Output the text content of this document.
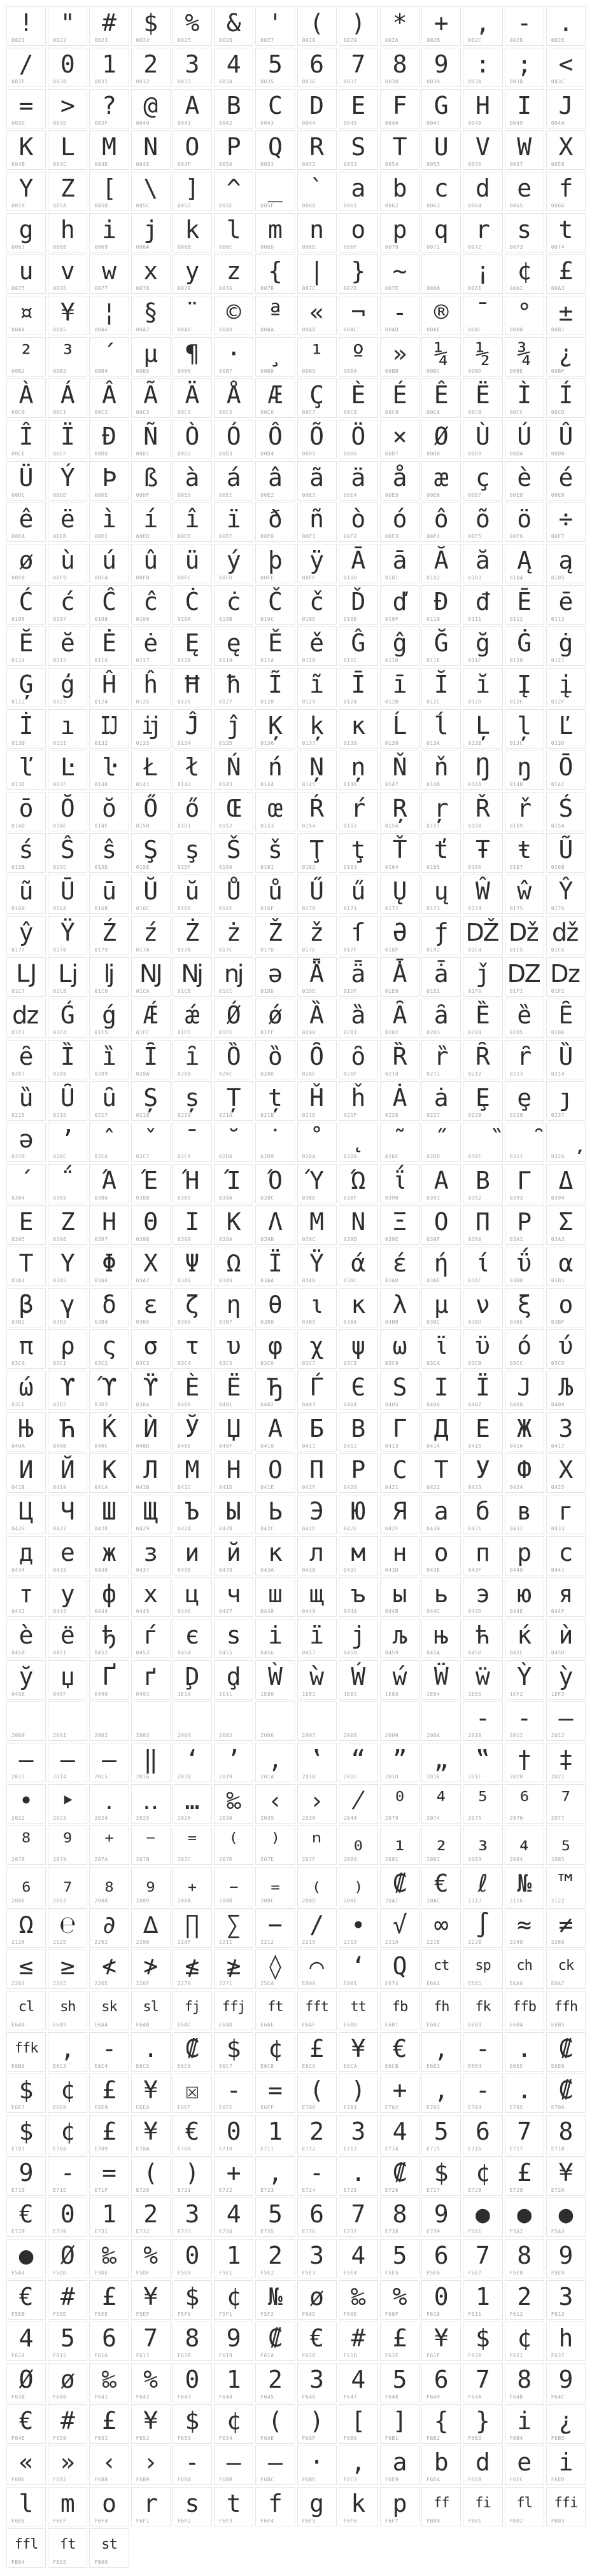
!
0021
"
0022
#
0023
$
0024
%
0025
&
0026
'
0027
(
0028
)
0029
*
002A
+
002B
,
002C
-
002D
.
002E
/
002F
0
0030
1
0031
2
0032
3
0033
4
0034
5
0035
6
0036
7
0037
8
0038
9
0039
:
003A
;
003B
<
003C
=
003D
>
003E
?
003F
@
0040
A
0041
B
0042
C
0043
D
0044
E
0045
F
0046
G
0047
H
0048
I
0049
J
004A
K
004B
L
004C
M
004D
N
004E
O
004F
P
0050
Q
0051
R
0052
S
0053
T
0054
U
0055
V
0056
W
0057
X
0058
Y
0059
Z
005A
[
005B
\
005C
]
005D
^
005E
_
005F
`
0060
a
0061
b
0062
c
0063
d
0064
e
0065
f
0066
g
0067
h
0068
i
0069
j
006A
k
006B
l
006C
m
006D
n
006E
o
006F
p
0070
q
0071
r
0072
s
0073
t
0074
u
0075
v
0076
w
0077
x
0078
y
0079
z
007A
{
007B
|
007C
}
007D
~
007E
	00A0
¡
00A1
¢
00A2
£
00A3
¤
00A4
¥
00A5
¦
00A6
§
00A7
¨
00A8
©
00A9
ª
00AA
«
00AB
¬
00AC
-
00AD
®
00AE
¯
00AF
°
00B0
±
00B1
²
00B2
³
00B3
´
00B4
µ
00B5
¶
00B6
·
00B7
¸
00B8
¹
00B9
º
00BA
»
00BB
¼
00BC
½
00BD
¾
00BE
¿
00BF
À
00C0
Á
00C1
Â
00C2
Ã
00C3
Ä
00C4
Å
00C5
Æ
00C6
Ç
00C7
È
00C8
É
00C9
Ê
00CA
Ë
00CB
Ì
00CC
Í
00CD
Î
00CE
Ï
00CF
Ð
00D0
Ñ
00D1
Ò
00D2
Ó
00D3
Ô
00D4
Õ
00D5
Ö
00D6
×
00D7
Ø
00D8
Ù
00D9
Ú
00DA
Û
00DB
Ü
00DC
Ý
00DD
Þ
00DE
ß
00DF
à
00E0
á
00E1
â
00E2
ã
00E3
ä
00E4
å
00E5
æ
00E6
ç
00E7
è
00E8
é
00E9
ê
00EA
ë
00EB
ì
00EC
í
00ED
î
00EE
ï
00EF
ð
00F0
ñ
00F1
ò
00F2
ó
00F3
ô
00F4
õ
00F5
ö
00F6
÷
00F7
ø
00F8
ù
00F9
ú
00FA
û
00FB
ü
00FC
ý
00FD
þ
00FE
ÿ
00FF
Ā
0100
ā
0101
Ă
0102
ă
0103
Ą
0104
ą
0105
Ć
0106
ć
0107
Ĉ
0108
ĉ
0109
Ċ
010A
ċ
010B
Č
010C
č
010D
Ď
010E
ď
010F
Đ
0110
đ
0111
Ē
0112
ē
0113
Ĕ
0114
ĕ
0115
Ė
0116
ė
0117
Ę
0118
ę
0119
Ě
011A
ě
011B
Ĝ
011C
ĝ
011D
Ğ
011E
ğ
011F
Ġ
0120
ġ
0121
Ģ
0122
ģ
0123
Ĥ
0124
ĥ
0125
Ħ
0126
ħ
0127
Ĩ
0128
ĩ
0129
Ī
012A
ī
012B
Ĭ
012C
ĭ
012D
Į
012E
į
012F
İ
0130
ı
0131
Ĳ
0132
ĳ
0133
Ĵ
0134
ĵ
0135
Ķ
0136
ķ
0137
ĸ
0138
Ĺ
0139
ĺ
013A
Ļ
013B
ļ
013C
Ľ
013D
ľ
013E
Ŀ
013F
ŀ
0140
Ł
0141
ł
0142
Ń
0143
ń
0144
Ņ
0145
ņ
0146
Ň
0147
ň
0148
Ŋ
014A
ŋ
014B
Ō
014C
ō
014D
Ŏ
014E
ŏ
014F
Ő
0150
ő
0151
Œ
0152
œ
0153
Ŕ
0154
ŕ
0155
Ŗ
0156
ŗ
0157
Ř
0158
ř
0159
Ś
015A
ś
015B
Ŝ
015C
ŝ
015D
Ş
015E
ş
015F
Š
0160
š
0161
Ţ
0162
ţ
0163
Ť
0164
ť
0165
Ŧ
0166
ŧ
0167
Ũ
0168
ũ
0169
Ū
016A
ū
016B
Ŭ
016C
ŭ
016D
Ů
016E
ů
016F
Ű
0170
ű
0171
Ų
0172
ų
0173
Ŵ
0174
ŵ
0175
Ŷ
0176
ŷ
0177
Ÿ
0178
Ź
0179
ź
017A
Ż
017B
ż
017C
Ž
017D
ž
017E
ſ
017F
Ə
018F
ƒ
0192
Ǆ
01C4
ǅ
01C5
ǆ
01C6
Ǉ
01C7
ǈ
01C8
ǉ
01C9
Ǌ
01CA
ǋ
01CB
ǌ
01CC
ǝ
01DD
Ǟ
01DE
ǟ
01DF
Ǡ
01E0
ǡ
01E1
ǰ
01F0
Ǳ
01F1
ǲ
01F2
ǳ
01F3
Ǵ
01F4
ǵ
01F5
Ǽ
01FC
ǽ
01FD
Ǿ
01FE
ǿ
01FF
Ȁ
0200
ȁ
0201
Ȃ
0202
ȃ
0203
Ȅ
0204
ȅ
0205
Ȇ
0206
ȇ
0207
Ȉ
0208
ȉ
0209
Ȋ
020A
ȋ
020B
Ȍ
020C
ȍ
020D
Ȏ
020E
ȏ
020F
Ȑ
0210
ȑ
0211
Ȓ
0212
ȓ
0213
Ȕ
0214
ȕ
0215
Ȗ
0216
ȗ
0217
Ș
0218
ș
0219
Ț
021A
ț
021B
Ȟ
021E
ȟ
021F
Ȧ
0226
ȧ
0227
Ȩ
0228
ȩ
0229
ȷ
0237
ə
0259
ʼ
02BC
ˆ
02C6
ˇ
02C7
ˉ
02C9
˘
02D8
˙
02D9
˚
02DA
˛
02DB
˜
02DC
˝
02DD
̏
030F
̑
0311
̦
0326
΄
0384
΅
0385
Ά
0386
Έ
0388
Ή
0389
Ί
038A
Ό
038C
Ύ
038E
Ώ
038F
ΐ
0390
Α
0391
Β
0392
Γ
0393
Δ
0394
Ε
0395
Ζ
0396
Η
0397
Θ
0398
Ι
0399
Κ
039A
Λ
039B
Μ
039C
Ν
039D
Ξ
039E
Ο
039F
Π
03A0
Ρ
03A1
Σ
03A3
Τ
03A4
Υ
03A5
Φ
03A6
Χ
03A7
Ψ
03A8
Ω
03A9
Ϊ
03AA
Ϋ
03AB
ά
03AC
έ
03AD
ή
03AE
ί
03AF
ΰ
03B0
α
03B1
β
03B2
γ
03B3
δ
03B4
ε
03B5
ζ
03B6
η
03B7
θ
03B8
ι
03B9
κ
03BA
λ
03BB
μ
03BC
ν
03BD
ξ
03BE
ο
03BF
π
03C0
ρ
03C1
ς
03C2
σ
03C3
τ
03C4
υ
03C5
φ
03C6
χ
03C7
ψ
03C8
ω
03C9
ϊ
03CA
ϋ
03CB
ό
03CC
ύ
03CD
ώ
03CE
ϒ
03D2
ϓ
03D3
ϔ
03D4
Ѐ
0400
Ё
0401
Ђ
0402
Ѓ
0403
Є
0404
Ѕ
0405
І
0406
Ї
0407
Ј
0408
Љ
0409
Њ
040A
Ћ
040B
Ќ
040C
Ѝ
040D
Ў
040E
Џ
040F
А
0410
Б
0411
В
0412
Г
0413
Д
0414
Е
0415
Ж
0416
З
0417
И
0418
Й
0419
К
041A
Л
041B
М
041C
Н
041D
О
041E
П
041F
Р
0420
С
0421
Т
0422
У
0423
Ф
0424
Х
0425
Ц
0426
Ч
0427
Ш
0428
Щ
0429
Ъ
042A
Ы
042B
Ь
042C
Э
042D
Ю
042E
Я
042F
а
0430
б
0431
в
0432
г
0433
д
0434
е
0435
ж
0436
з
0437
и
0438
й
0439
к
043A
л
043B
м
043C
н
043D
о
043E
п
043F
р
0440
с
0441
т
0442
у
0443
ф
0444
х
0445
ц
0446
ч
0447
ш
0448
щ
0449
ъ
044A
ы
044B
ь
044C
э
044D
ю
044E
я
044F
ѐ
0450
ё
0451
ђ
0452
ѓ
0453
є
0454
ѕ
0455
і
0456
ї
0457
ј
0458
љ
0459
њ
045A
ћ
045B
ќ
045C
ѝ
045D
ў
045E
џ
045F
Ґ
0490
ґ
0491
Ḑ
1E10
ḑ
1E11
Ẁ
1E80
ẁ
1E81
Ẃ
1E82
ẃ
1E83
Ẅ
1E84
ẅ
1E85
Ỳ
1EF2
ỳ
1EF3

2000
 	2001
 	2002
 	2003
 	2004
 	2005
 	2006
 	2007
 	2008
 	2009
 	200A
‐
2010
‑
2011
‒
2012
–
2013
—
2014
―
2015
‖
2016
‘
2018
’
2019
‚
201A
‛
201B
“
201C
”
201D
„
201E
‟
201F
†
2020
‡
2021
•
2022
‣
2023
․
2024
‥
2025
…
2026
‰
2030
‹
2039
›
203A
⁄
2044
⁰
2070
⁴
2074
⁵
2075
⁶
2076
⁷
2077
⁸
2078
⁹
2079
⁺
207A
⁻
207B
⁼
207C
⁽
207D
⁾
207E
ⁿ
207F
₀
2080
₁
2081
₂
2082
₃
2083
₄
2084
₅
2085
₆
2086
₇
2087
₈
2088
₉
2089
₊
208A
₋
208B
₌
208C
₍
208D
₎
208E
₡
20A1
€
20AC
ℓ
2113
№
2116
™
2122
Ω
2126
℮
212E
∂
2202
∆
2206
∏
220F
∑
2211
−
2212
∕
2215
∙
2219
√
221A
∞
221E
∫
222B
≈
2248
≠
2260
≤
2264
≥
2265
≮
226E
≯
226F
≰
2270
≱
2271
◊
25CA
⌒
E000
ʻ
E001
Q
E674
ct
E6A4
sp
E6A5
ch
E6A6
ck
E6A7
cl
E6A8
sh
E6A9
sk
E6AA
sl
E6AB
fj
E6AC
ffj
E6AD
ft
E6AE
fft
E6AF
tt
E6B0
fb
E6B1
fh
E6B2
fk
E6B3
ffb
E6B4
ffh
E6B5
ffk
E6B6
,
E6C3
-
E6C4
.
E6C5
₡
E6C6
$
E6C7
¢
E6C8
£
E6C9
¥
E6CA
€
E6CB
,
E6E3
-
E6E4
.
E6E5
₡
E6E6
$
E6E7
¢
E6E8
£
E6E9
¥
E6EA
☒
E6EF
-
E6FE
=
E6FF
(
E700
)
E701
+
E702
,
E703
-
E704
.
E705
₡
E706
$
E707
¢
E708
£
E709
¥
E70A
€
E70B
0
E710
1
E711
2
E712
3
E713
4
E714
5
E715
6
E716
7
E717
8
E718
9
E719
-
E71E
=
E71F
(
E720
)
E721
+
E722
,
E723
-
E724
.
E725
₡
E726
$
E727
¢
E728
£
E729
¥
E72A
€
E72B
0
E730
1
E731
2
E732
3
E733
4
E734
5
E735
6
E736
7
E737
8
E738
9
E739
●
F5A1
●
F5A2
●
F5A3
●
F5A4
Ø
F5DD
‰
F5DE
%
F5DF
0
F5E0
1
F5E1
2
F5E2
3
F5E3
4
F5E4
5
F5E5
6
F5E6
7
F5E7
8
F5E8
9
F5E9
€
F5EB
#
F5ED
£
F5EE
¥
F5EF
$
F5F0
¢
F5F1
№
F5F2
ø
F60D
‰
F60E
%
F60F
0
F610
1
F611
2
F612
3
F613
4
F614
5
F615
6
F616
7
F617
8
F618
9
F619
₡
F61A
€
F61B
#
F61D
£
F61E
¥
F61F
$
F620
¢
F621
h
F637
Ø
F638
ø
F640
‰
F641
%
F642
0
F643
1
F644
2
F645
3
F646
4
F647
5
F648
6
F649
7
F64A
8
F64B
9
F64C
€
F64E
#
F650
£
F651
¥
F652
$
F653
¢
F654
(
F6AE
)
F6AF
[
F6B0
]
F6B1
{
F6B2
}
F6B3
i
F6B4
¿
F6B5
«
F6B6
»
F6B7
‹
F6B8
›
F6B9
-
F6BA
–
F6BB
—
F6BC
·
F6BD
,
F6C3
a
F6E9
b
F6EA
d
F6EB
e
F6EC
i
F6ED
l
F6EE
m
F6EF
o
F6F0
r
F6F1
s
F6F2
t
F6F3
f
F6F4
g
F6F5
k
F6F6
p
F6F7
ff
FB00
fi
FB01
fl
FB02
ffi
FB03
ffl
FB04
ſt
FB05
st
FB06
